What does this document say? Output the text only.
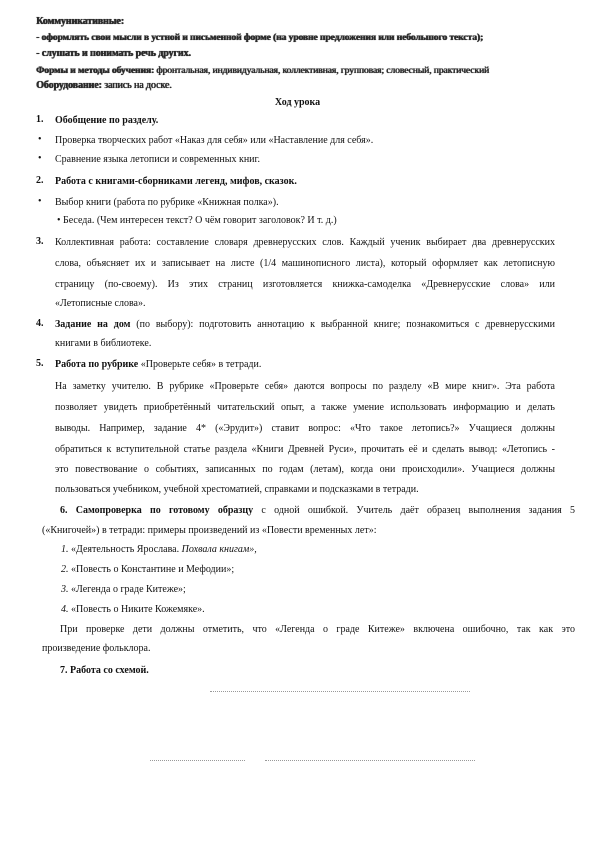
Коммуникативные:
- оформлять свои мысли в устной и письменной форме (на уровне предложения или небольшого текста);
- слушать и понимать речь других.
Формы и методы обучения: фронтальная, индивидуальная, коллективная, групповая; словесный, практический
Оборудование: запись на доске.
Ход урока
1. Обобщение по разделу.
• Проверка творческих работ «Наказ для себя» или «Наставление для себя».
• Сравнение языка летописи и современных книг.
2. Работа с книгами-сборниками легенд, мифов, сказок.
• Выбор книги (работа по рубрике «Книжная полка»).
• Беседа. (Чем интересен текст? О чём говорит заголовок? И т. д.)
3. Коллективная работа: составление словаря древнерусских слов. Каждый ученик выбирает два древнерусских
слова, объясняет их и записывает на листе (1/4 машинописного листа), который оформляет как летописную
страницу (по-своему). Из этих страниц изготовляется книжка-самоделка «Древнерусские слова» или
«Летописные слова».
4. Задание на дом (по выбору): подготовить аннотацию к выбранной книге; познакомиться с древнерусскими
книгами в библиотеке.
5. Работа по рубрике «Проверьте себя» в тетради.
На заметку учителю. В рубрике «Проверьте себя» даются вопросы по разделу «В мире книг». Эта работа
позволяет увидеть приобретённый читательский опыт, а также умение использовать информацию и делать
выводы. Например, задание 4* («Эрудит») ставит вопрос: «Что такое летопись?» Учащиеся должны
обратиться к вступительной статье раздела «Книги Древней Руси», прочитать её и сделать вывод: «Летопись -
это повествование о событиях, записанных по годам (летам), когда они происходили». Учащиеся должны
пользоваться учебником, учебной хрестоматией, справками и подсказками в тетради.
6. Самопроверка по готовому образцу с одной ошибкой. Учитель даёт образец выполнения задания 5
(«Книгочей») в тетради: примеры произведений из «Повести временных лет»:
1. «Деятельность Ярослава. Похвала книгам»,
2. «Повесть о Константине и Мефодии»;
3. «Легенда о граде Китеже»;
4. «Повесть о Никите Кожемяке».
При проверке дети должны отметить, что «Легенда о граде Китеже» включена ошибочно, так как это
произведение фольклора.
7. Работа со схемой.
